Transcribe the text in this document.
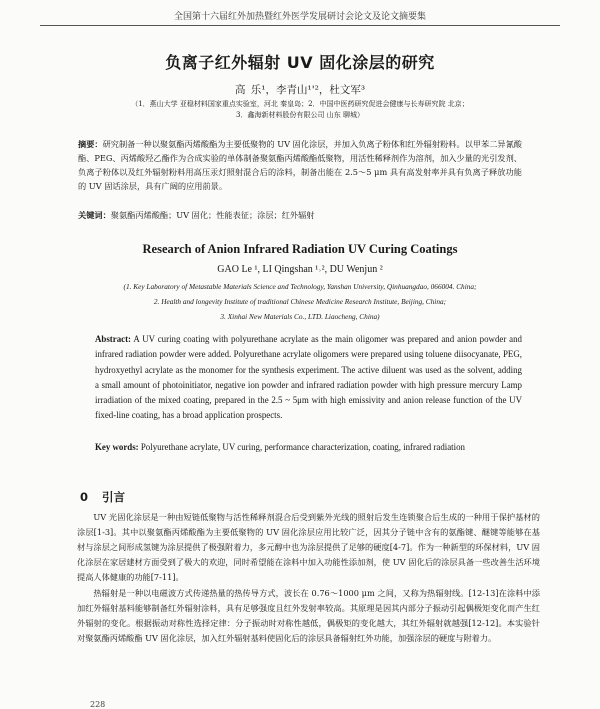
全国第十六届红外加热暨红外医学发展研讨会论文及论文摘要集
负离子红外辐射 UV 固化涂层的研究
高 乐¹，李青山¹'²，杜文军³
（1．燕山大学 亚稳材料国家重点实验室，河北 秦皇岛；2．中国中医药研究促进会健康与长寿研究院 北京；
3．鑫海新材料股份有限公司 山东 聊城）
摘要：研究制备一种以聚氨酯丙烯酸酯为主要低聚物的 UV 固化涂层，并加入负离子粉体和红外辐射粉料。以甲苯二异氰酸酯、PEG、丙烯酸羟乙酯作为合成实验的单体制备聚氨酯丙烯酸酯低聚物，用活性稀释剂作为溶剂，加入少量的光引发剂、负离子粉体以及红外辐射粉料用高压汞灯照射混合后的涂料，制备出能在 2.5～5 μm 具有高发射率并具有负离子释放功能的 UV 固话涂层，具有广阔的应用前景。
关键词：聚氨酯丙烯酸酯；UV 固化；性能表征；涂层；红外辐射
Research of Anion Infrared Radiation UV Curing Coatings
GAO Le ¹, LI Qingshan ¹˒², DU Wenjun ²
(1. Key Laboratory of Metastable Materials Science and Technology, Yanshan University, Qinhuangdao, 066004. China;
2. Health and longevity Institute of traditional Chinese Medicine Research Institute, Beijing, China;
3. Xinhai New Materials Co., LTD. Liaocheng, China)
Abstract: A UV curing coating with polyurethane acrylate as the main oligomer was prepared and anion powder and infrared radiation powder were added. Polyurethane acrylate oligomers were prepared using toluene diisocyanate, PEG, hydroxyethyl acrylate as the monomer for the synthesis experiment. The active diluent was used as the solvent, adding a small amount of photoinitiator, negative ion powder and infrared radiation powder with high pressure mercury Lamp irradiation of the mixed coating, prepared in the 2.5 ~ 5μm with high emissivity and anion release function of the UV fixed-line coating, has a broad application prospects.
Key words: Polyurethane acrylate, UV curing, performance characterization, coating, infrared radiation
0 引言

UV 光固化涂层是一种由短链低聚物与活性稀释剂混合后受到紫外光线的照射后发生连锁聚合后生成的一种用于保护基材的涂层[1-3]。其中以聚氨酯丙烯酸酯为主要低聚物的 UV 固化涂层应用比较广泛，因其分子链中含有的氨酯键、醚键等能够在基材与涂层之间形成氢键为涂层提供了极强附着力，多元醇中也为涂层提供了足够的硬度[4-7]。作为一种新型的环保材料，UV 固化涂层在家居建材方面受到了极大的欢迎，同时希望能在涂料中加入功能性添加剂，使 UV 固化后的涂层具备一些改善生活环境提高人体健康的功能[7-11]。

热辐射是一种以电磁波方式传递热量的热传导方式，波长在 0.76～1000 μm 之间，又称为热辐射线。[12-13]在涂料中添加红外辐射基料能够制备红外辐射涂料，具有足够强度且红外发射率较高。其原理是因其内部分子振动引起偶极矩变化而产生红外辐射的变化。根据振动对称性选择定律：分子振动时对称性越低，偶极矩的变化越大，其红外辐射就越强[12-12]。本实验针对聚氨酯丙烯酸酯 UV 固化涂层，加入红外辐射基料使固化后的涂层具备辐射红外功能，加强涂层的硬度与附着力。

228
